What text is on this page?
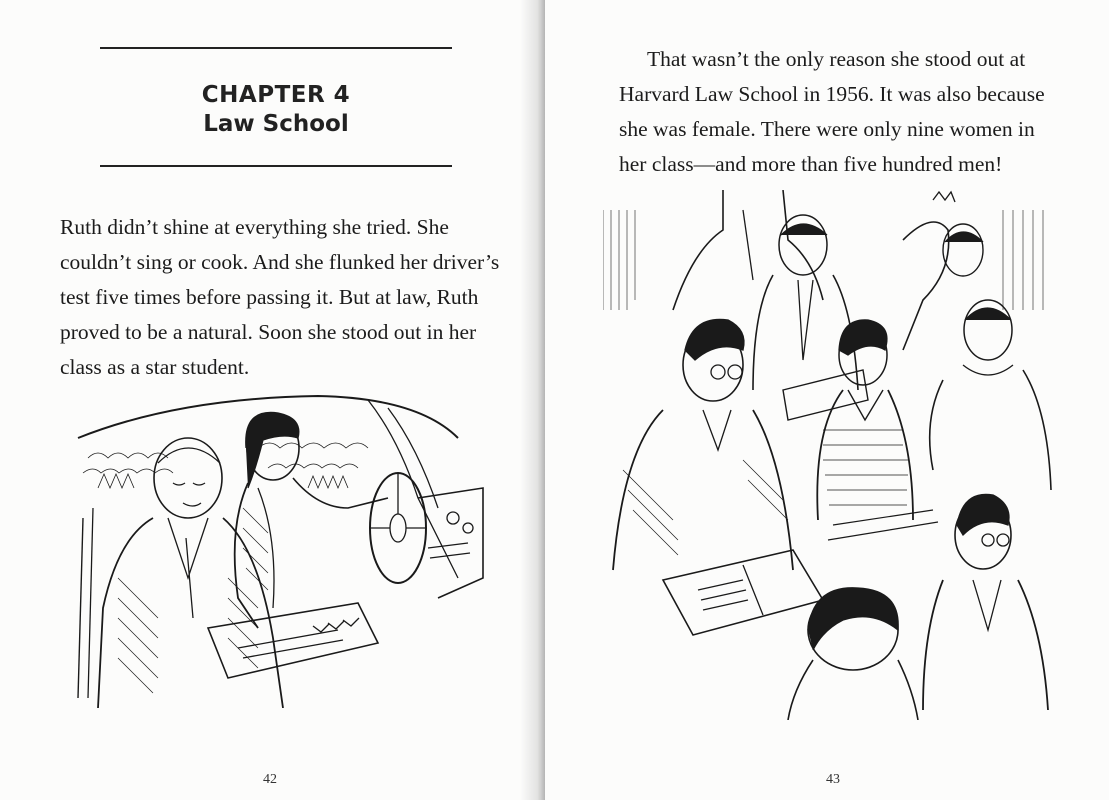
CHAPTER 4
Law School
Ruth didn’t shine at everything she tried. She
couldn’t sing or cook. And she flunked her driver’s
test five times before passing it. But at law, Ruth
proved to be a natural. Soon she stood out in her
class as a star student.
42
That wasn’t the only reason she stood out at
Harvard Law School in 1956. It was also because
she was female. There were only nine women in
her class—and more than five hundred men!
43
